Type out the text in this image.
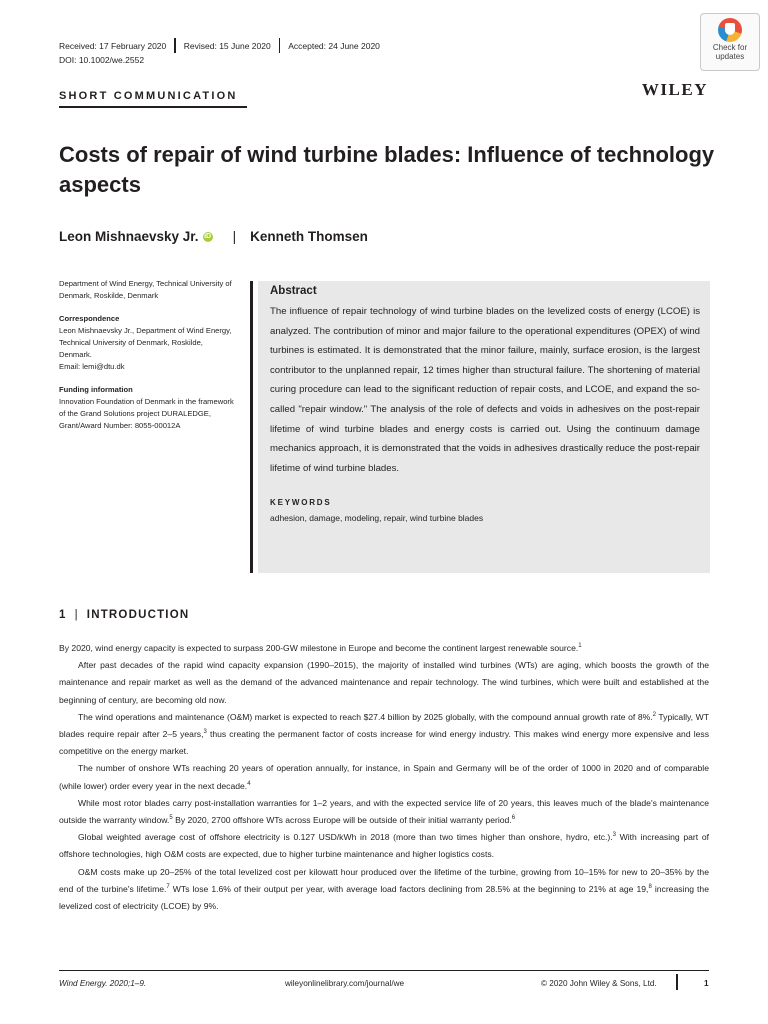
Received: 17 February 2020 Revised: 15 June 2020 Accepted: 24 June 2020
DOI: 10.1002/we.2552
Check for
updates
WILEY
SHORT COMMUNICATION
Costs of repair of wind turbine blades: Influence of technology aspects
Leon Mishnaevsky Jr. iD | Kenneth Thomsen

Department of Wind Energy, Technical University of Denmark, Roskilde, Denmark

Correspondence

Leon Mishnaevsky Jr., Department of Wind Energy, Technical University of Denmark, Roskilde, Denmark.

Email: lemi@dtu.dk

Funding information

Innovation Foundation of Denmark in the framework of the Grand Solutions project DURALEDGE, Grant/Award Number: 8055-00012A

Abstract

The influence of repair technology of wind turbine blades on the levelized costs of energy (LCOE) is analyzed. The contribution of minor and major failure to the operational expenditures (OPEX) of wind turbines is estimated. It is demonstrated that the minor failure, mainly, surface erosion, is the largest contributor to the unplanned repair, 12 times higher than structural failure. The shortening of material curing procedure can lead to the significant reduction of repair costs, and LCOE, and expand the so-called "repair window." The analysis of the role of defects and voids in adhesives on the post-repair lifetime of wind turbine blades and energy costs is carried out. Using the continuum damage mechanics approach, it is demonstrated that the voids in adhesives drastically reduce the post-repair lifetime of wind turbine blades.

KEYWORDS
adhesion, damage, modeling, repair, wind turbine blades
1 | INTRODUCTION

By 2020, wind energy capacity is expected to surpass 200-GW milestone in Europe and become the continent largest renewable source.$^1$

After past decades of the rapid wind capacity expansion (1990–2015), the majority of installed wind turbines (WTs) are aging, which boosts the growth of the maintenance and repair market as well as the demand of the advanced maintenance and repair technology. The wind turbines, which were built and established at the beginning of century, are becoming old now.

The wind operations and maintenance (O&M) market is expected to reach $27.4 billion by 2025 globally, with the compound annual growth rate of 8%.$^2$ Typically, WT blades require repair after 2–5 years,$^3$ thus creating the permanent factor of costs increase for wind energy industry. This makes wind energy more expensive and less competitive on the energy market.

The number of onshore WTs reaching 20 years of operation annually, for instance, in Spain and Germany will be of the order of 1000 in 2020 and of comparable (while lower) order every year in the next decade.$^4$

While most rotor blades carry post-installation warranties for 1–2 years, and with the expected service life of 20 years, this leaves much of the blade's maintenance outside the warranty window.$^5$ By 2020, 2700 offshore WTs across Europe will be outside of their initial warranty period.$^6$

Global weighted average cost of offshore electricity is 0.127 USD/kWh in 2018 (more than two times higher than onshore, hydro, etc.).$^3$ With increasing part of offshore technologies, high O&M costs are expected, due to higher turbine maintenance and higher logistics costs.

O&M costs make up 20–25% of the total levelized cost per kilowatt hour produced over the lifetime of the turbine, growing from 10–15% for new to 20–35% by the end of the turbine's lifetime.$^7$ WTs lose 1.6% of their output per year, with average load factors declining from 28.5% at the beginning to 21% at age 19,$^8$ increasing the levelized cost of electricity (LCOE) by 9%.

Wind Energy. 2020;1–9.	wileyonlinelibrary.com/journal/we	© 2020 John Wiley & Sons, Ltd.	1
